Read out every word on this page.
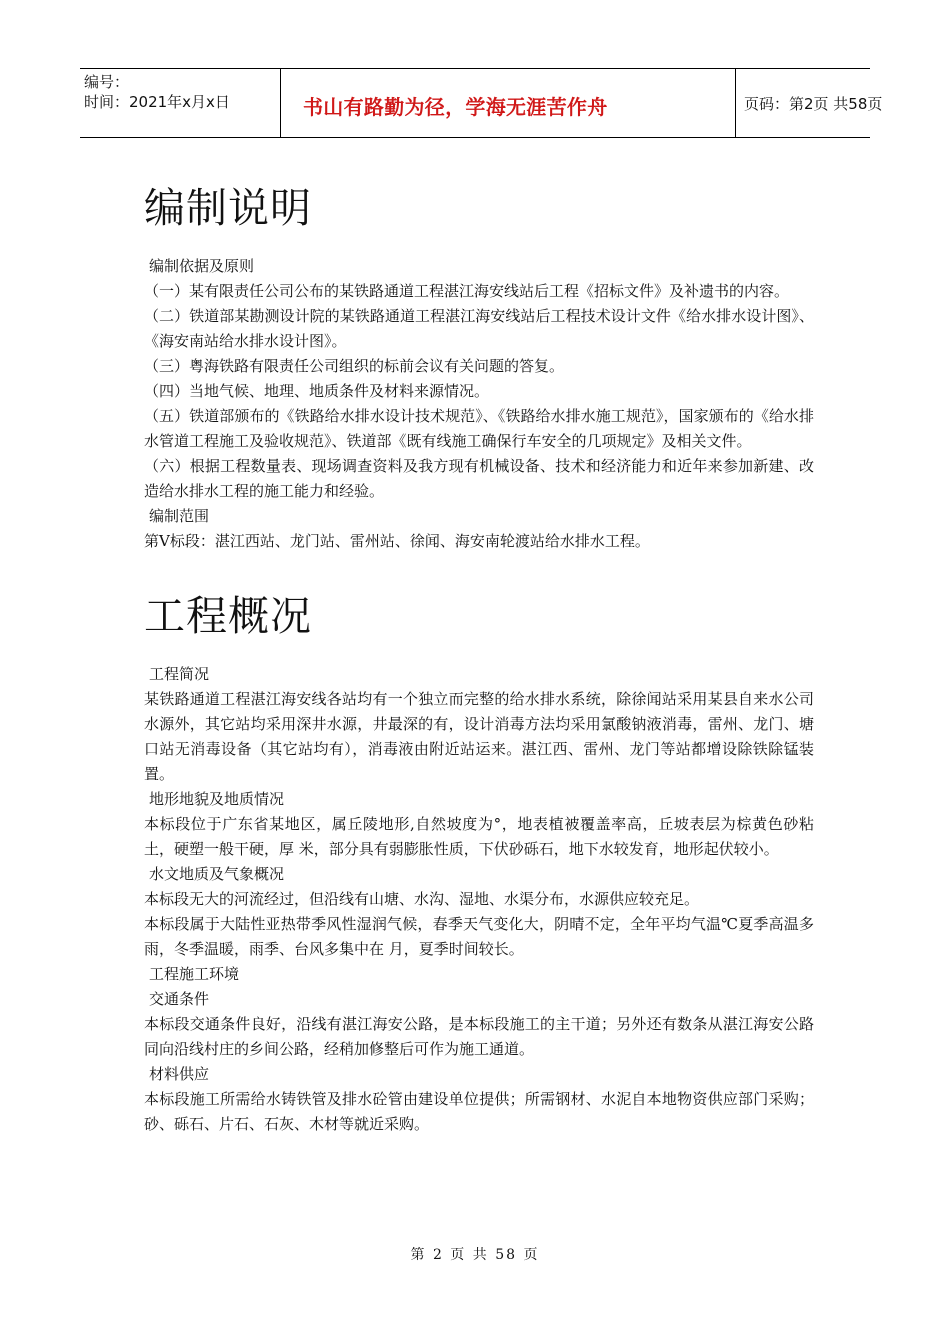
编号：
时间：2021年x月x日	书山有路勤为径，学海无涯苦作舟	页码：第2页 共58页
编制说明
编制依据及原则
（一）某有限责任公司公布的某铁路通道工程湛江海安线站后工程《招标文件》及补遗书的内容。
（二）铁道部某勘测设计院的某铁路通道工程湛江海安线站后工程技术设计文件《给水排水设计图》、《海安南站给水排水设计图》。
（三）粤海铁路有限责任公司组织的标前会议有关问题的答复。
（四）当地气候、地理、地质条件及材料来源情况。
（五）铁道部颁布的《铁路给水排水设计技术规范》、《铁路给水排水施工规范》，国家颁布的《给水排水管道工程施工及验收规范》、铁道部《既有线施工确保行车安全的几项规定》及相关文件。
（六）根据工程数量表、现场调查资料及我方现有机械设备、技术和经济能力和近年来参加新建、改造给水排水工程的施工能力和经验。
编制范围
第Ⅴ标段：湛江西站、龙门站、雷州站、徐闻、海安南轮渡站给水排水工程。
工程概况
工程简况
某铁路通道工程湛江海安线各站均有一个独立而完整的给水排水系统，除徐闻站采用某县自来水公司水源外，其它站均采用深井水源，井最深的有，设计消毒方法均采用氯酸钠液消毒，雷州、龙门、塘口站无消毒设备（其它站均有），消毒液由附近站运来。湛江西、雷州、龙门等站都增设除铁除锰装置。
地形地貌及地质情况
本标段位于广东省某地区，属丘陵地形,自然坡度为°，地表植被覆盖率高，丘坡表层为棕黄色砂粘土，硬塑一般干硬，厚 米，部分具有弱膨胀性质，下伏砂砾石，地下水较发育，地形起伏较小。
水文地质及气象概况
本标段无大的河流经过，但沿线有山塘、水沟、湿地、水渠分布，水源供应较充足。
本标段属于大陆性亚热带季风性湿润气候，春季天气变化大，阴晴不定，全年平均气温℃夏季高温多雨，冬季温暖，雨季、台风多集中在 月，夏季时间较长。
工程施工环境
交通条件
本标段交通条件良好，沿线有湛江海安公路，是本标段施工的主干道；另外还有数条从湛江海安公路同向沿线村庄的乡间公路，经稍加修整后可作为施工通道。
材料供应
本标段施工所需给水铸铁管及排水砼管由建设单位提供；所需钢材、水泥自本地物资供应部门采购；砂、砾石、片石、石灰、木材等就近采购。
第 2 页 共 58 页
